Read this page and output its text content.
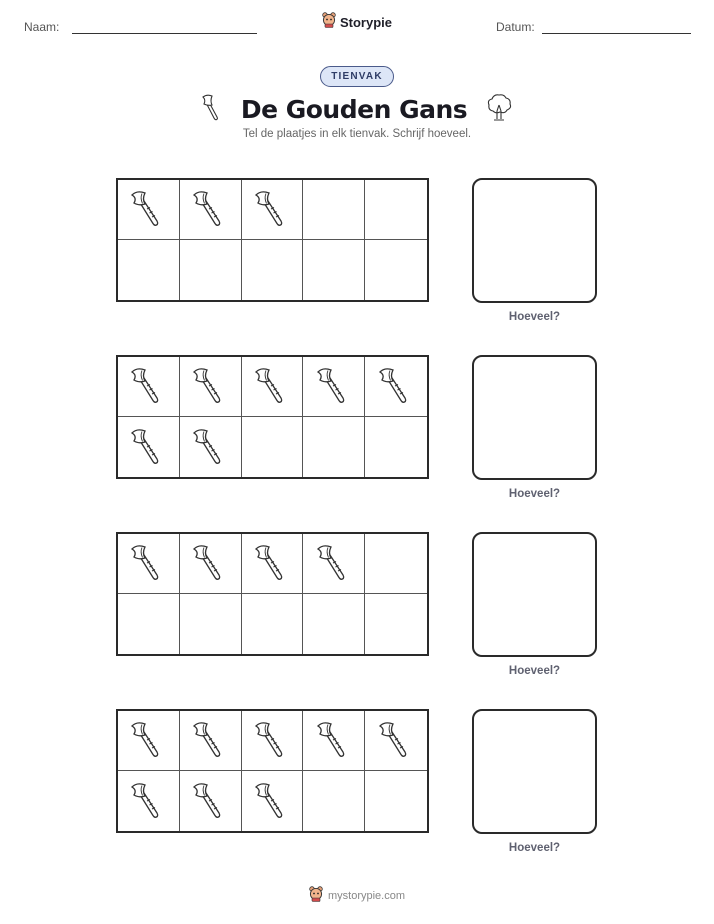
Naam:	Storypie	Datum:
TIENVAK
De Gouden Gans
Tel de plaatjes in elk tienvak. Schrijf hoeveel.
Hoeveel?
Hoeveel?
Hoeveel?
Hoeveel?
mystorypie.com
